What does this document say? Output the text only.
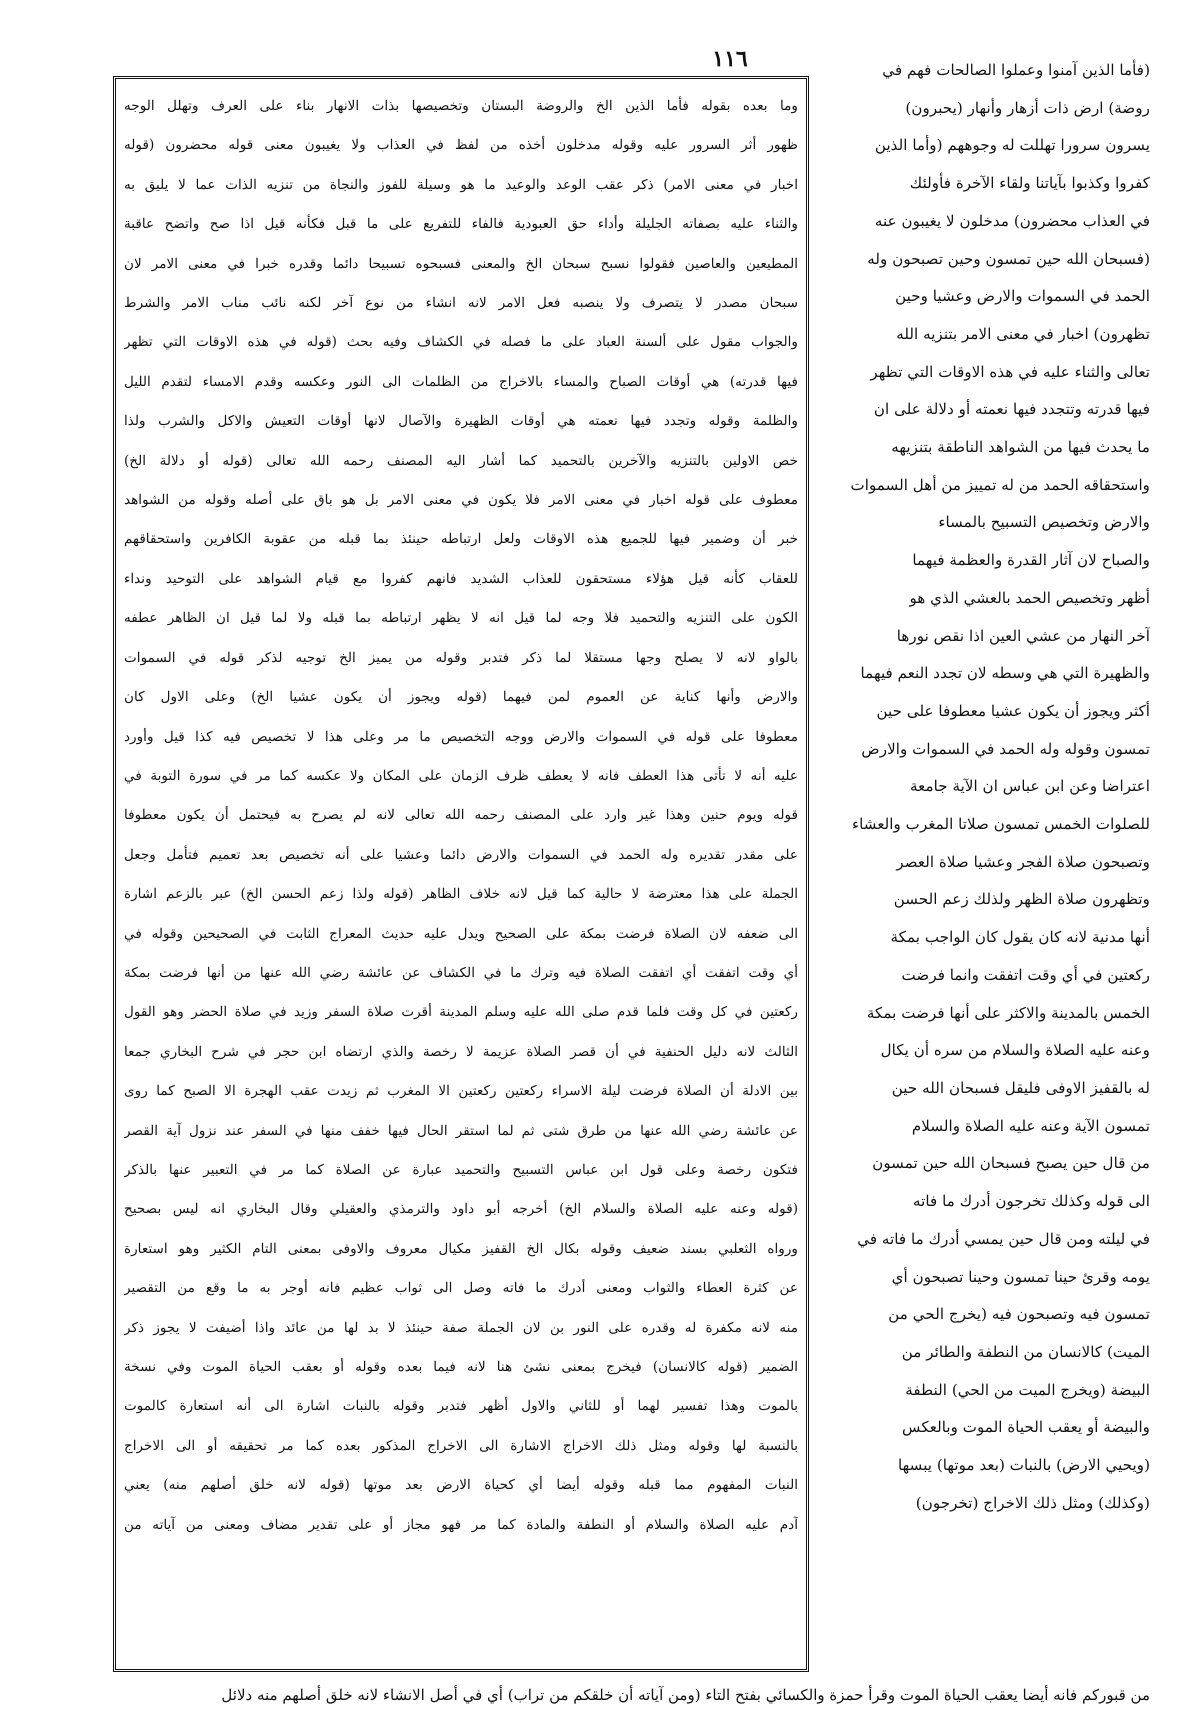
١١٦
وما بعده بقوله فأما الذين الخ والروضة البستان وتخصيصها بذات الانهار بناء على العرف وتهلل الوجه
ظهور أثر السرور عليه وقوله مدخلون أخذه من لفظ في العذاب ولا يغيبون معنى قوله محضرون (قوله
اخبار في معنى الامر) ذكر عقب الوعد والوعيد ما هو وسيلة للفوز والنجاة من تنزيه الذات عما لا يليق به
والثناء عليه بصفاته الجليلة وأداء حق العبودية فالفاء للتفريع على ما قبل فكأنه قيل اذا صح واتضح عاقبة
المطيعين والعاصين فقولوا نسبح سبحان الخ والمعنى فسبحوه تسبيحا دائما وقدره خبرا في معنى الامر لان
سبحان مصدر لا يتصرف ولا ينصبه فعل الامر لانه انشاء من نوع آخر لكنه نائب مناب الامر والشرط
والجواب مقول على ألسنة العباد على ما فصله في الكشاف وفيه بحث (قوله في هذه الاوقات التي تظهر
فيها قدرته) هي أوقات الصباح والمساء بالاخراج من الظلمات الى النور وعكسه وقدم الامساء لتقدم الليل
والظلمة وقوله وتجدد فيها نعمته هي أوقات الظهيرة والآصال لانها أوقات التعيش والاكل والشرب ولذا
خص الاولين بالتنزيه والآخرين بالتحميد كما أشار اليه المصنف رحمه الله تعالى (قوله أو دلالة الخ)
معطوف على قوله اخبار في معنى الامر فلا يكون في معنى الامر بل هو باق على أصله وقوله من الشواهد
خبر أن وضمير فيها للجميع هذه الاوقات ولعل ارتباطه حينئذ بما قبله من عقوبة الكافرين واستحقاقهم
للعقاب كأنه قيل هؤلاء مستحقون للعذاب الشديد فانهم كفروا مع قيام الشواهد على التوحيد ونداء
الكون على التنزيه والتحميد فلا وجه لما قيل انه لا يظهر ارتباطه بما قبله ولا لما قيل ان الظاهر عطفه
بالواو لانه لا يصلح وجها مستقلا لما ذكر فتدبر وقوله من يميز الخ توجيه لذكر قوله في السموات
والارض وأنها كناية عن العموم لمن فيهما (قوله ويجوز أن يكون عشيا الخ) وعلى الاول كان
معطوفا على قوله في السموات والارض ووجه التخصيص ما مر وعلى هذا لا تخصيص فيه كذا قيل وأورد
عليه أنه لا تأتى هذا العطف فانه لا يعطف ظرف الزمان على المكان ولا عكسه كما مر في سورة التوبة في
قوله ويوم حنين وهذا غير وارد على المصنف رحمه الله تعالى لانه لم يصرح به فيحتمل أن يكون معطوفا
على مقدر تقديره وله الحمد في السموات والارض دائما وعشيا على أنه تخصيص بعد تعميم فتأمل وجعل
الجملة على هذا معترضة لا حالية كما قيل لانه خلاف الظاهر (قوله ولذا زعم الحسن الخ) عبر بالزعم اشارة
الى ضعفه لان الصلاة فرضت بمكة على الصحيح ويدل عليه حديث المعراج الثابت في الصحيحين وقوله في
أي وقت اتفقت أي اتفقت الصلاة فيه وترك ما في الكشاف عن عائشة رضي الله عنها من أنها فرضت بمكة
ركعتين في كل وقت فلما قدم صلى الله عليه وسلم المدينة أقرت صلاة السفر وزيد في صلاة الحضر وهو القول
الثالث لانه دليل الحنفية في أن قصر الصلاة عزيمة لا رخصة والذي ارتضاه ابن حجر في شرح البخاري جمعا
بين الادلة أن الصلاة فرضت ليلة الاسراء ركعتين ركعتين الا المغرب ثم زيدت عقب الهجرة الا الصبح كما روى
عن عائشة رضي الله عنها من طرق شتى ثم لما استقر الحال فيها خفف منها في السفر عند نزول آية القصر
فتكون رخصة وعلى قول ابن عباس التسبيح والتحميد عبارة عن الصلاة كما مر في التعبير عنها بالذكر
(قوله وعنه عليه الصلاة والسلام الخ) أخرجه أبو داود والترمذي والعقيلي وقال البخاري انه ليس بصحيح
ورواه الثعلبي بسند ضعيف وقوله بكال الخ القفيز مكيال معروف والاوفى بمعنى التام الكثير وهو استعارة
عن كثرة العطاء والثواب ومعنى أدرك ما فاته وصل الى ثواب عظيم فانه أوجر به ما وقع من التقصير
منه لانه مكفرة له وقدره على النور بن لان الجملة صفة حينئذ لا بد لها من عائد واذا أضيفت لا يجوز ذكر
الضمير (قوله كالانسان) فيخرج بمعنى نشئ هنا لانه فيما بعده وقوله أو بعقب الحياة الموت وفي نسخة
بالموت وهذا تفسير لهما أو للثاني والاول أظهر فتدبر وقوله بالنبات اشارة الى أنه استعارة كالموت
بالنسبة لها وقوله ومثل ذلك الاخراج الاشارة الى الاخراج المذكور بعده كما مر تحقيقه أو الى الاخراج
النبات المفهوم مما قبله وقوله أيضا أي كحياة الارض بعد موتها (قوله لانه خلق أصلهم منه) يعني
آدم عليه الصلاة والسلام أو النطفة والمادة كما مر فهو مجاز أو على تقدير مضاف ومعنى من آياته من
(فأما الذين آمنوا وعملوا الصالحات فهم في
روضة) ارض ذات أزهار وأنهار (يحبرون)
يسرون سرورا تهللت له وجوههم (وأما الذين
كفروا وكذبوا بآياتنا ولقاء الآخرة فأولئك
في العذاب محضرون) مدخلون لا يغيبون عنه
(فسبحان الله حين تمسون وحين تصبحون وله
الحمد في السموات والارض وعشيا وحين
تظهرون) اخبار في معنى الامر بتنزيه الله
تعالى والثناء عليه في هذه الاوقات التي تظهر
فيها قدرته وتتجدد فيها نعمته أو دلالة على ان
ما يحدث فيها من الشواهد الناطقة بتنزيهه
واستحقاقه الحمد من له تمييز من أهل السموات
والارض وتخصيص التسبيح بالمساء
والصباح لان آثار القدرة والعظمة فيهما
أظهر وتخصيص الحمد بالعشي الذي هو
آخر النهار من عشي العين اذا نقص نورها
والظهيرة التي هي وسطه لان تجدد النعم فيهما
أكثر ويجوز أن يكون عشيا معطوفا على حين
تمسون وقوله وله الحمد في السموات والارض
اعتراضا وعن ابن عباس ان الآية جامعة
للصلوات الخمس تمسون صلاتا المغرب والعشاء
وتصبحون صلاة الفجر وعشيا صلاة العصر
وتظهرون صلاة الظهر ولذلك زعم الحسن
أنها مدنية لانه كان يقول كان الواجب بمكة
ركعتين في أي وقت اتفقت وانما فرضت
الخمس بالمدينة والاكثر على أنها فرضت بمكة
وعنه عليه الصلاة والسلام من سره أن يكال
له بالقفيز الاوفى فليقل فسبحان الله حين
تمسون الآية وعنه عليه الصلاة والسلام
من قال حين يصبح فسبحان الله حين تمسون
الى قوله وكذلك تخرجون أدرك ما فاته
في ليلته ومن قال حين يمسي أدرك ما فاته في
يومه وقرئ حينا تمسون وحينا تصبحون أي
تمسون فيه وتصبحون فيه (يخرج الحي من
الميت) كالانسان من النطفة والطائر من
البيضة (ويخرج الميت من الحي) النطفة
والبيضة أو يعقب الحياة الموت وبالعكس
(ويحيي الارض) بالنبات (بعد موتها) يبسها
(وكذلك) ومثل ذلك الاخراج (تخرجون)
من قبوركم فانه أيضا يعقب الحياة الموت وقرأ حمزة والكسائي بفتح التاء (ومن آياته أن خلقكم من تراب) أي في أصل الانشاء لانه خلق أصلهم منه دلائل
